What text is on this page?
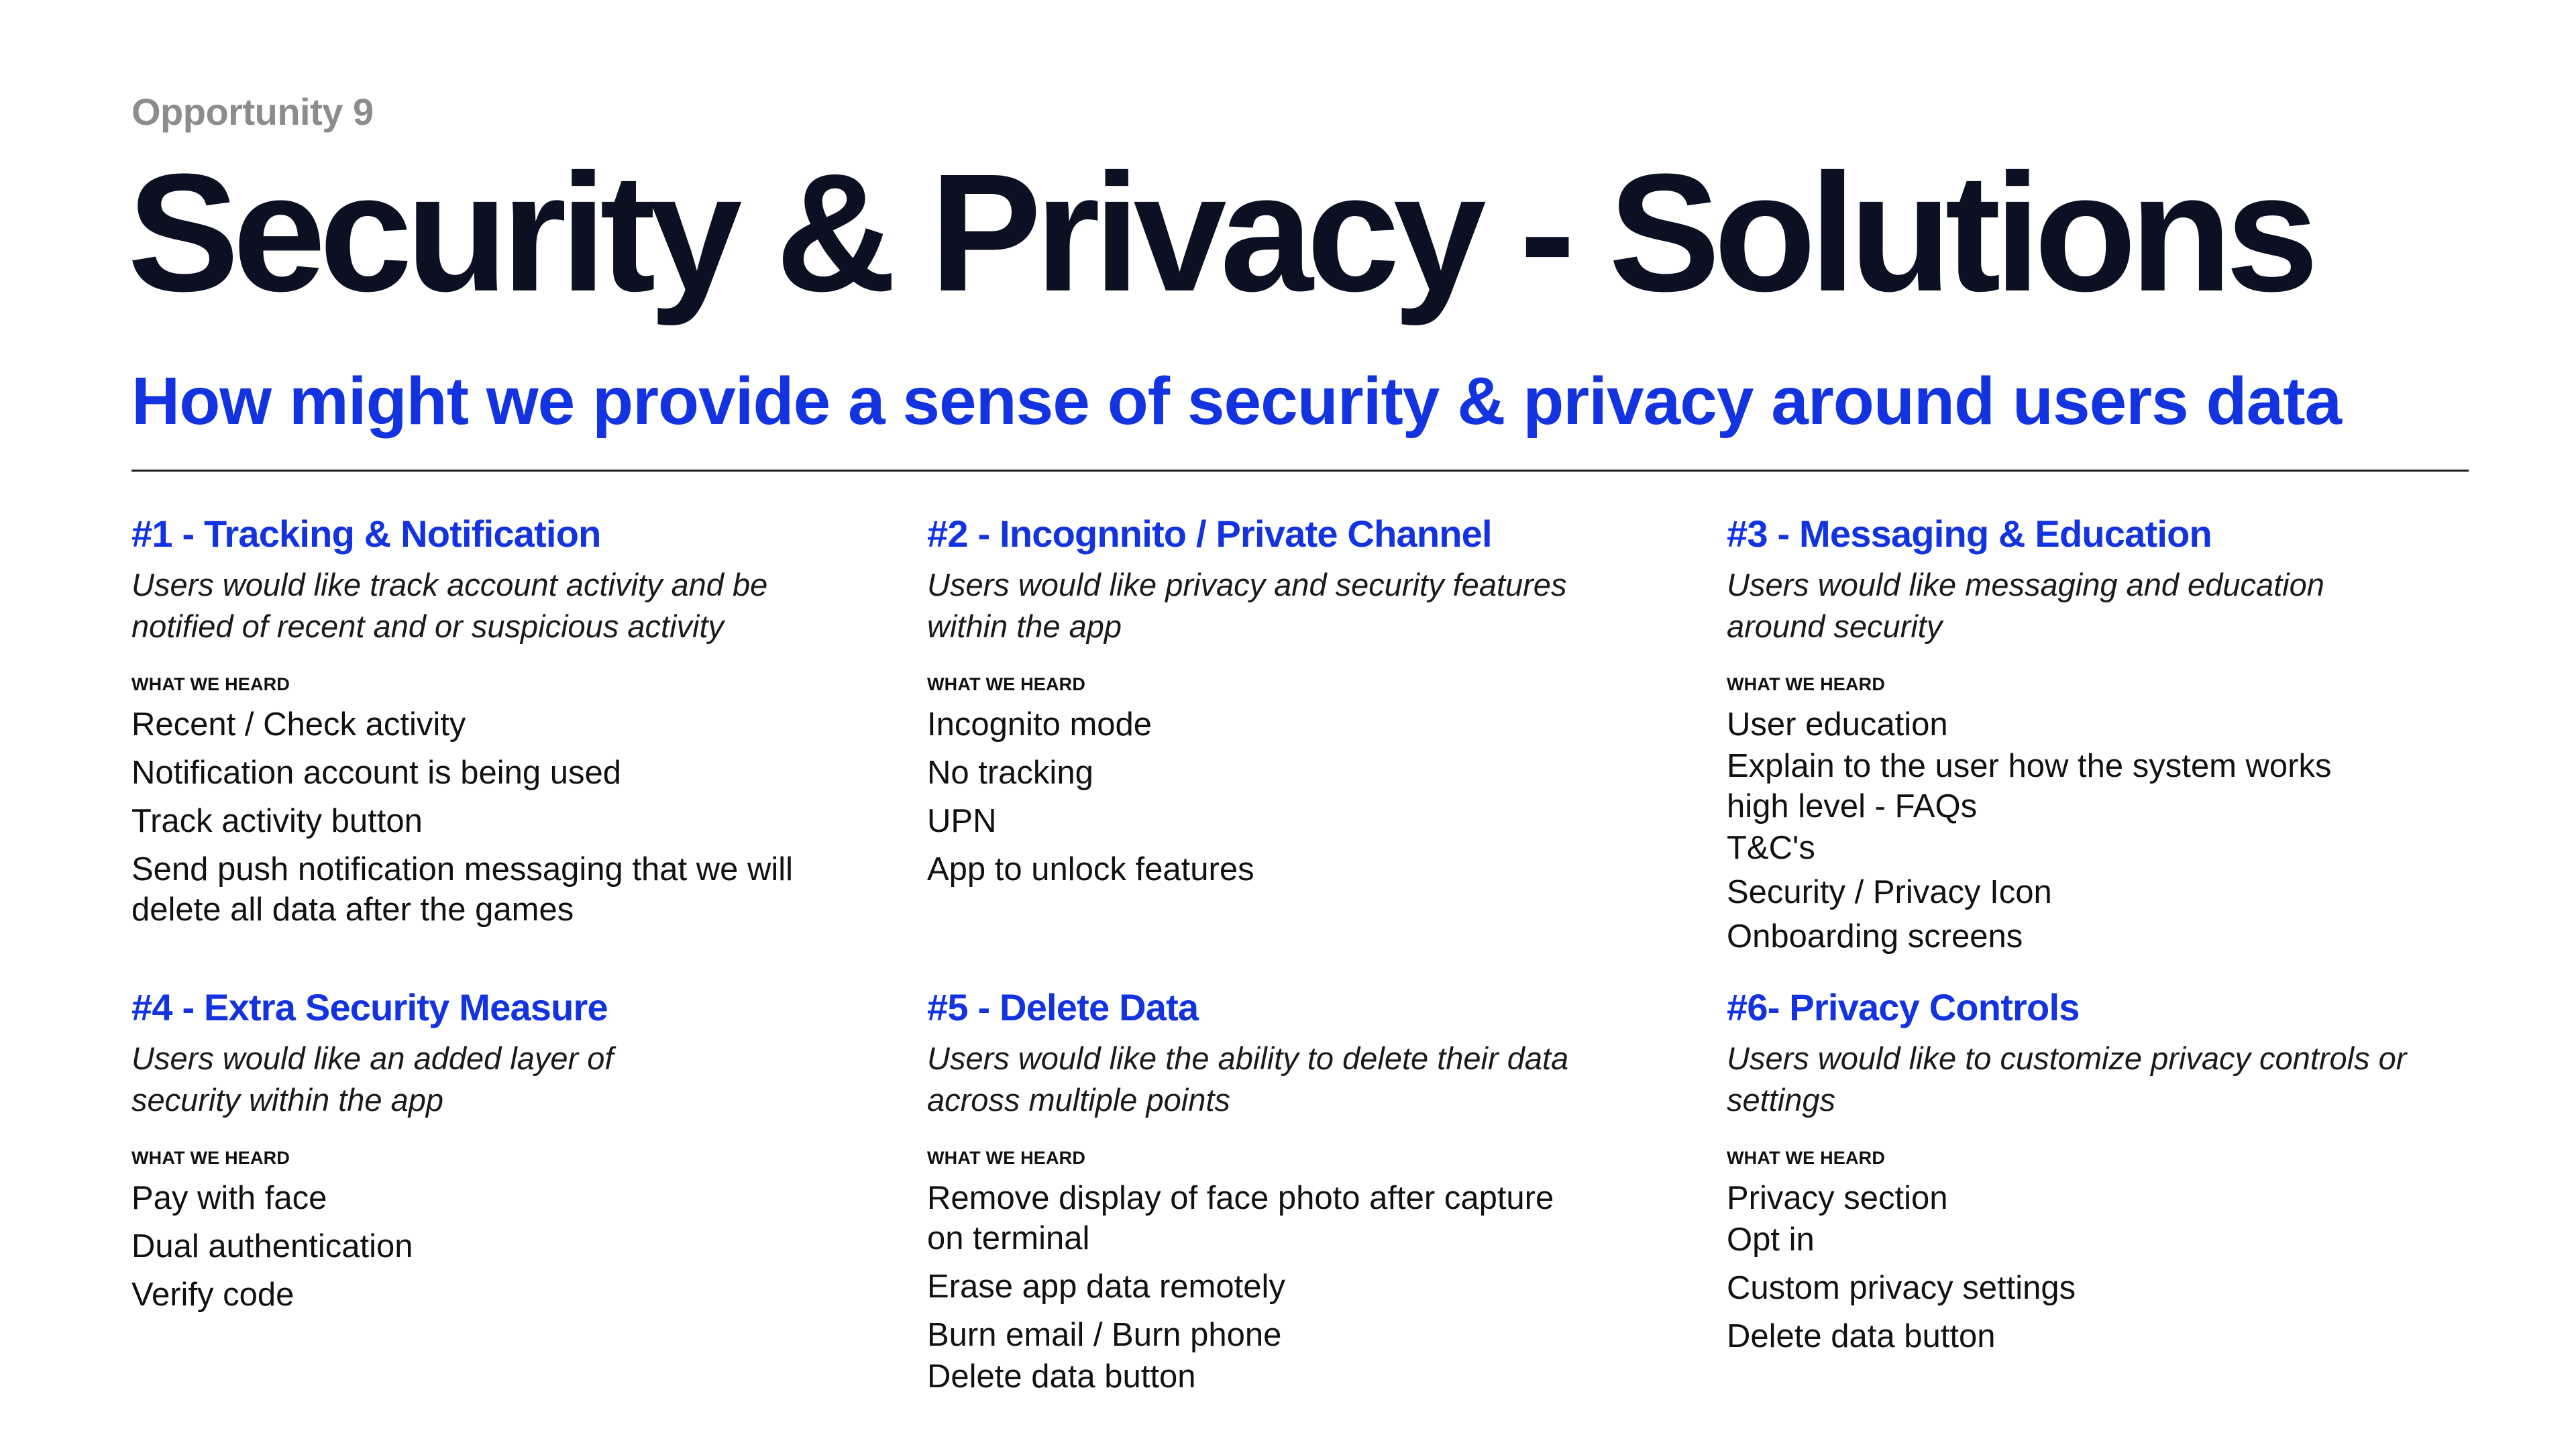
Opportunity 9
Security & Privacy - Solutions
How might we provide a sense of security & privacy around users data
#1 - Tracking & Notification
Users would like track account activity and be notified of recent and or suspicious activity
WHAT WE HEARD
Recent / Check activity
Notification account is being used
Track activity button
Send push notification messaging that we will delete all data after the games
#2 - Incognnito / Private Channel
Users would like privacy and security features within the app
WHAT WE HEARD
Incognito mode
No tracking
UPN
App to unlock features
#3 - Messaging & Education
Users would like messaging and education around security
WHAT WE HEARD
User education
Explain to the user how the system works high level - FAQs
T&C's
Security / Privacy Icon
Onboarding screens
#4 - Extra Security Measure
Users would like an added layer of security within the app
WHAT WE HEARD
Pay with face
Dual authentication
Verify code
#5 - Delete Data
Users would like the ability to delete their data across multiple points
WHAT WE HEARD
Remove display of face photo after capture on terminal
Erase app data remotely
Burn email / Burn phone
Delete data button
#6- Privacy Controls
Users would like to customize privacy controls or settings
WHAT WE HEARD
Privacy section
Opt in
Custom privacy settings
Delete data button
